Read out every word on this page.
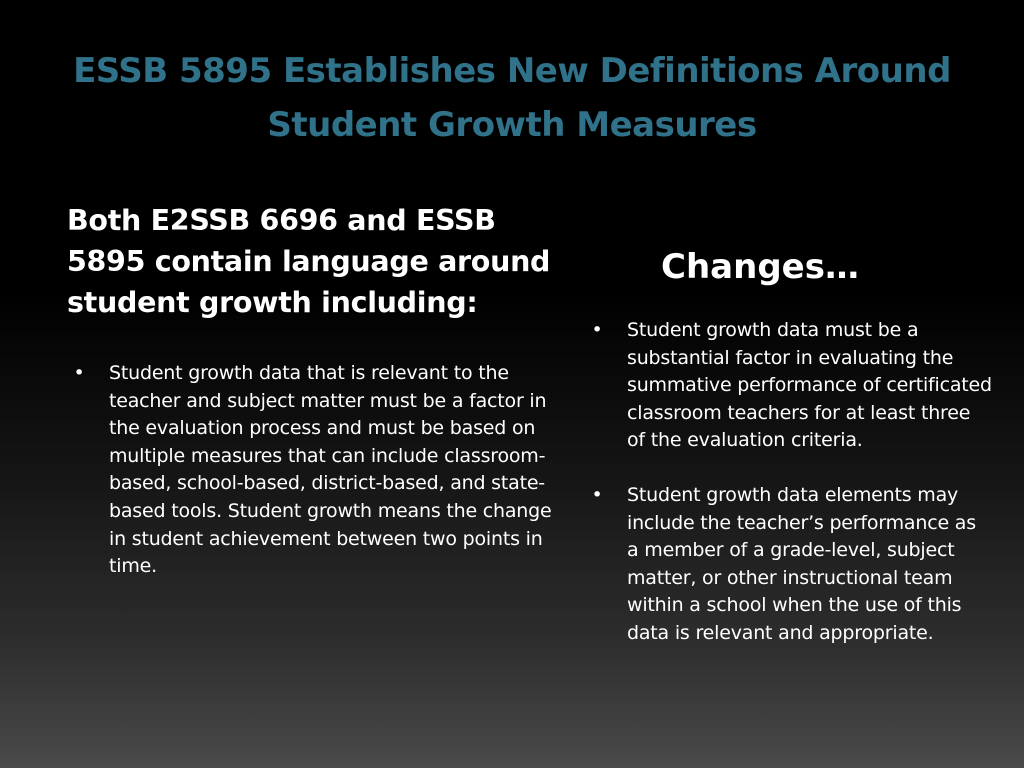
ESSB 5895 Establishes New Definitions Around Student Growth Measures
Both E2SSB 6696 and ESSB 5895 contain language around student growth including:
• Student growth data that is relevant to the teacher and subject matter must be a factor in the evaluation process and must be based on multiple measures that can include classroom-based, school-based, district-based, and state-based tools. Student growth means the change in student achievement between two points in time.
Changes…
• Student growth data must be a substantial factor in evaluating the summative performance of certificated classroom teachers for at least three of the evaluation criteria.
• Student growth data elements may include the teacher’s performance as a member of a grade-level, subject matter, or other instructional team within a school when the use of this data is relevant and appropriate.
